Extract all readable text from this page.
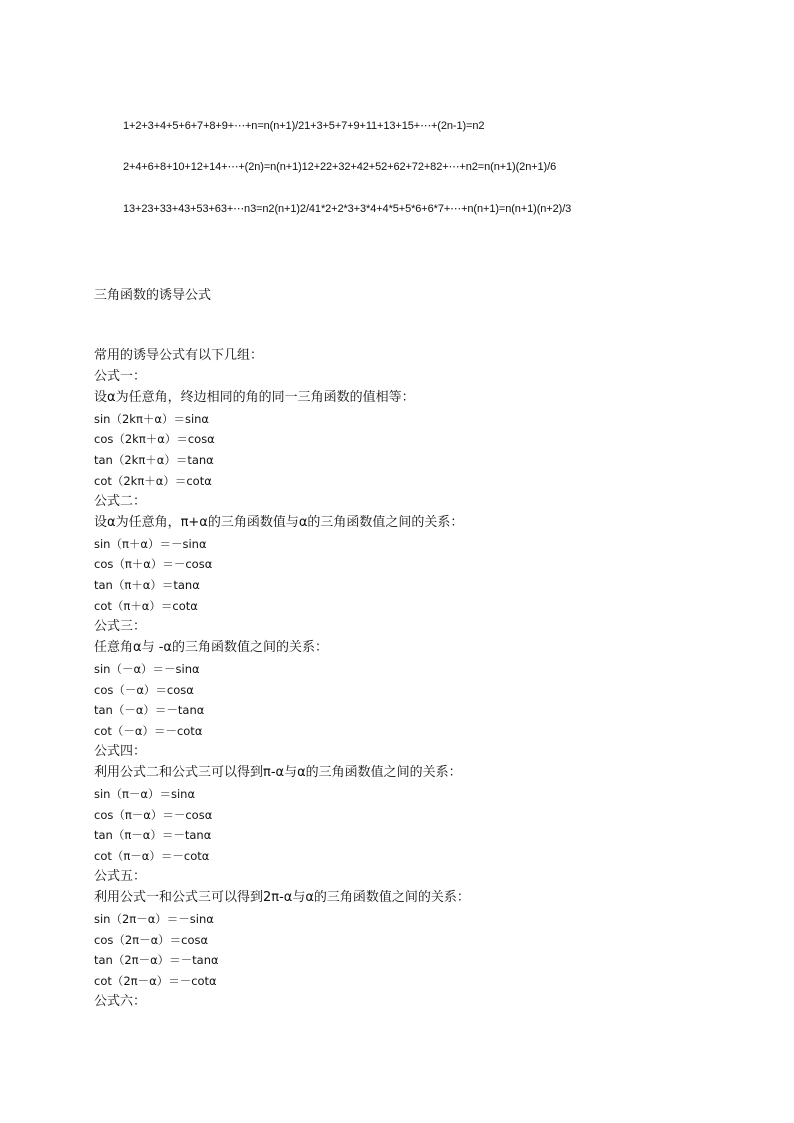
1+2+3+4+5+6+7+8+9+⋯+n=n(n+1)/21+3+5+7+9+11+13+15+⋯+(2n-1)=n2
2+4+6+8+10+12+14+⋯+(2n)=n(n+1)12+22+32+42+52+62+72+82+⋯+n2=n(n+1)(2n+1)/6
13+23+33+43+53+63+⋯n3=n2(n+1)2/41*2+2*3+3*4+4*5+5*6+6*7+⋯+n(n+1)=n(n+1)(n+2)/3
三角函数的诱导公式
常用的诱导公式有以下几组：
公式一：
设α为任意角，终边相同的角的同一三角函数的值相等：
sin（2kπ＋α）＝sinα
cos（2kπ＋α）＝cosα
tan（2kπ＋α）＝tanα
cot（2kπ＋α）＝cotα
公式二：
设α为任意角，π+α的三角函数值与α的三角函数值之间的关系：
sin（π＋α）＝－sinα
cos（π＋α）＝－cosα
tan（π＋α）＝tanα
cot（π＋α）＝cotα
公式三：
任意角α与 -α的三角函数值之间的关系：
sin（－α）＝－sinα
cos（－α）＝cosα
tan（－α）＝－tanα
cot（－α）＝－cotα
公式四：
利用公式二和公式三可以得到π-α与α的三角函数值之间的关系：
sin（π－α）＝sinα
cos（π－α）＝－cosα
tan（π－α）＝－tanα
cot（π－α）＝－cotα
公式五：
利用公式一和公式三可以得到2π-α与α的三角函数值之间的关系：
sin（2π－α）＝－sinα
cos（2π－α）＝cosα
tan（2π－α）＝－tanα
cot（2π－α）＝－cotα
公式六：
